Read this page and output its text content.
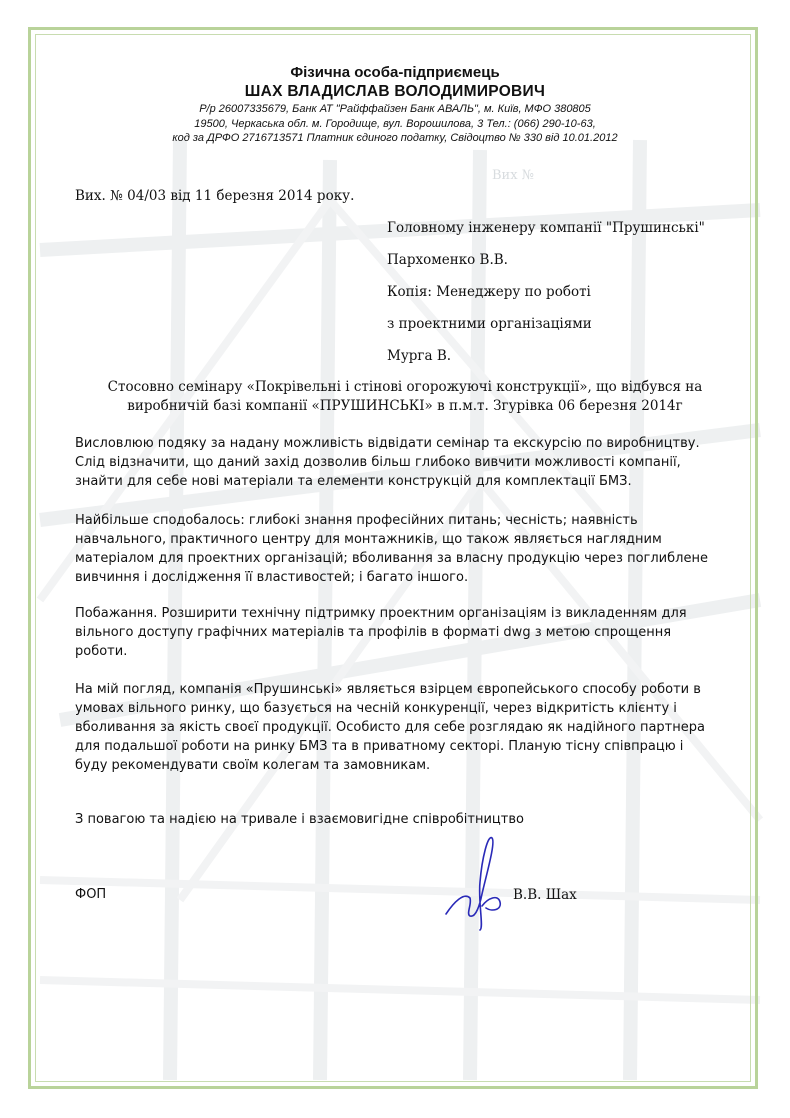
Фізична особа-підприємець
ШАХ ВЛАДИСЛАВ ВОЛОДИМИРОВИЧ
Р/р 26007335679, Банк АТ "Райффайзен Банк АВАЛЬ", м. Київ, МФО 380805
19500, Черкаська обл. м. Городище, вул. Ворошилова, 3 Тел.: (066) 290-10-63,
код за ДРФО 2716713571 Платник єдиного податку, Свідоцтво № 330 від 10.01.2012
Вих №
Вих. № 04/03 від 11 березня 2014 року.
Головному інженеру компанії "Прушинські"
Пархоменко В.В.
Копія: Менеджеру по роботі
з проектними організаціями
Мурга В.
Стосовно семінару «Покрівельні і стінові огорожуючі конструкції», що відбувся на
виробничій базі компанії «ПРУШИНСЬКІ» в п.м.т. Згурівка 06 березня 2014г
Висловлюю подяку за надану можливість відвідати семінар та екскурсію по виробництву.
Слід відзначити, що даний захід дозволив більш глибоко вивчити можливості компанії,
знайти для себе нові матеріали та елементи конструкцій для комплектації БМЗ.
Найбільше сподобалось: глибокі знання професійних питань; чесність; наявність
навчального, практичного центру для монтажників, що також являється наглядним
матеріалом для проектних організацій; вболивання за власну продукцію через поглиблене
вивчиння і дослідження її властивостей; і багато іншого.
Побажання. Розширити технічну підтримку проектним організаціям із викладенням для
вільного доступу графічних матеріалів та профілів в форматі dwg з метою спрощення
роботи.
На мій погляд, компанія «Прушинські» являється взірцем європейського способу роботи в
умовах вільного ринку, що базується на чесній конкуренції, через відкритість клієнту і
вболивання за якість своєї продукції. Особисто для себе розглядаю як надійного партнера
для подальшої роботи на ринку БМЗ та в приватному секторі. Планую тісну співпрацю і
буду рекомендувати своїм колегам та замовникам.
З повагою та надією на тривале і взаємовигідне співробітництво
ФОП	В.В. Шах
